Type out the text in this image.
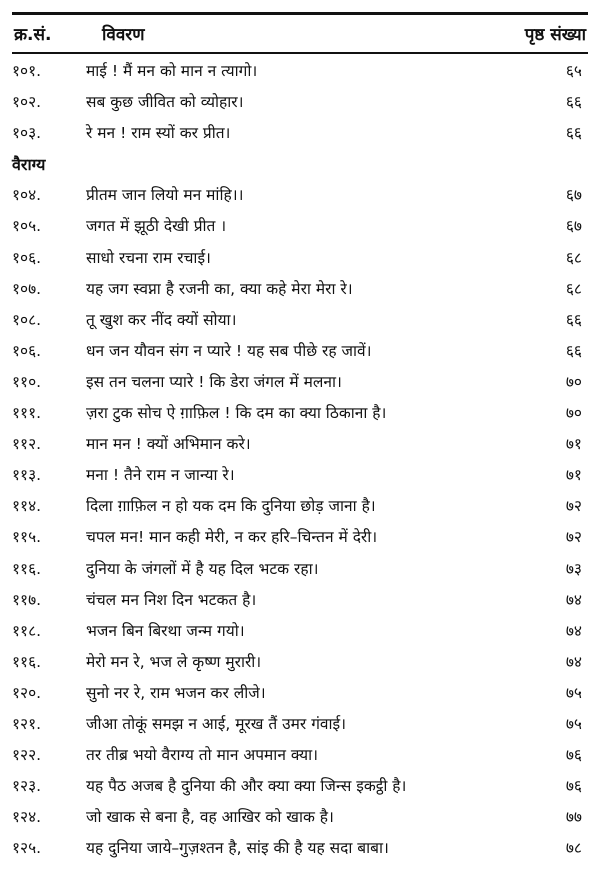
क्र.सं.	विवरण	पृष्ठ संख्या
१०१.	माई ! मैं मन को मान न त्यागो।	६५
१०२.	सब कुछ जीवित को व्योहार।	६६
१०३.	रे मन ! राम स्यों कर प्रीत।	६६
वैराग्य
१०४.	प्रीतम जान लियो मन मांहि।।	६७
१०५.	जगत में झूठी देखी प्रीत ।	६७
१०६.	साधो रचना राम रचाई।	६८
१०७.	यह जग स्वप्ना है रजनी का, क्या कहे मेरा मेरा रे।	६८
१०८.	तू खुश कर नींद क्यों सोया।	६६
१०६.	धन जन यौवन संग न प्यारे ! यह सब पीछे रह जावें।	६६
११०.	इस तन चलना प्यारे ! कि डेरा जंगल में मलना।	७०
१११.	ज़रा टुक सोच ऐ ग़ाफ़िल ! कि दम का क्या ठिकाना है।	७०
११२.	मान मन ! क्यों अभिमान करे।	७१
११३.	मना ! तैने राम न जान्या रे।	७१
११४.	दिला ग़ाफ़िल न हो यक दम कि दुनिया छोड़ जाना है।	७२
११५.	चपल मन! मान कही मेरी, न कर हरि–चिन्तन में देरी।	७२
११६.	दुनिया के जंगलों में है यह दिल भटक रहा।	७३
११७.	चंचल मन निश दिन भटकत है।	७४
११८.	भजन बिन बिरथा जन्म गयो।	७४
११६.	मेरो मन रे, भज ले कृष्ण मुरारी।	७४
१२०.	सुनो नर रे, राम भजन कर लीजे।	७५
१२१.	जीआ तोकूं समझ न आई, मूरख तैं उमर गंवाई।	७५
१२२.	तर तीब्र भयो वैराग्य तो मान अपमान क्या।	७६
१२३.	यह पैठ अजब है दुनिया की और क्या क्या जिन्स इकट्ठी है।	७६
१२४.	जो खाक से बना है, वह आखिर को खाक है।	७७
१२५.	यह दुनिया जाये–गुज़श्तन है, सांइ की है यह सदा बाबा।	७८
